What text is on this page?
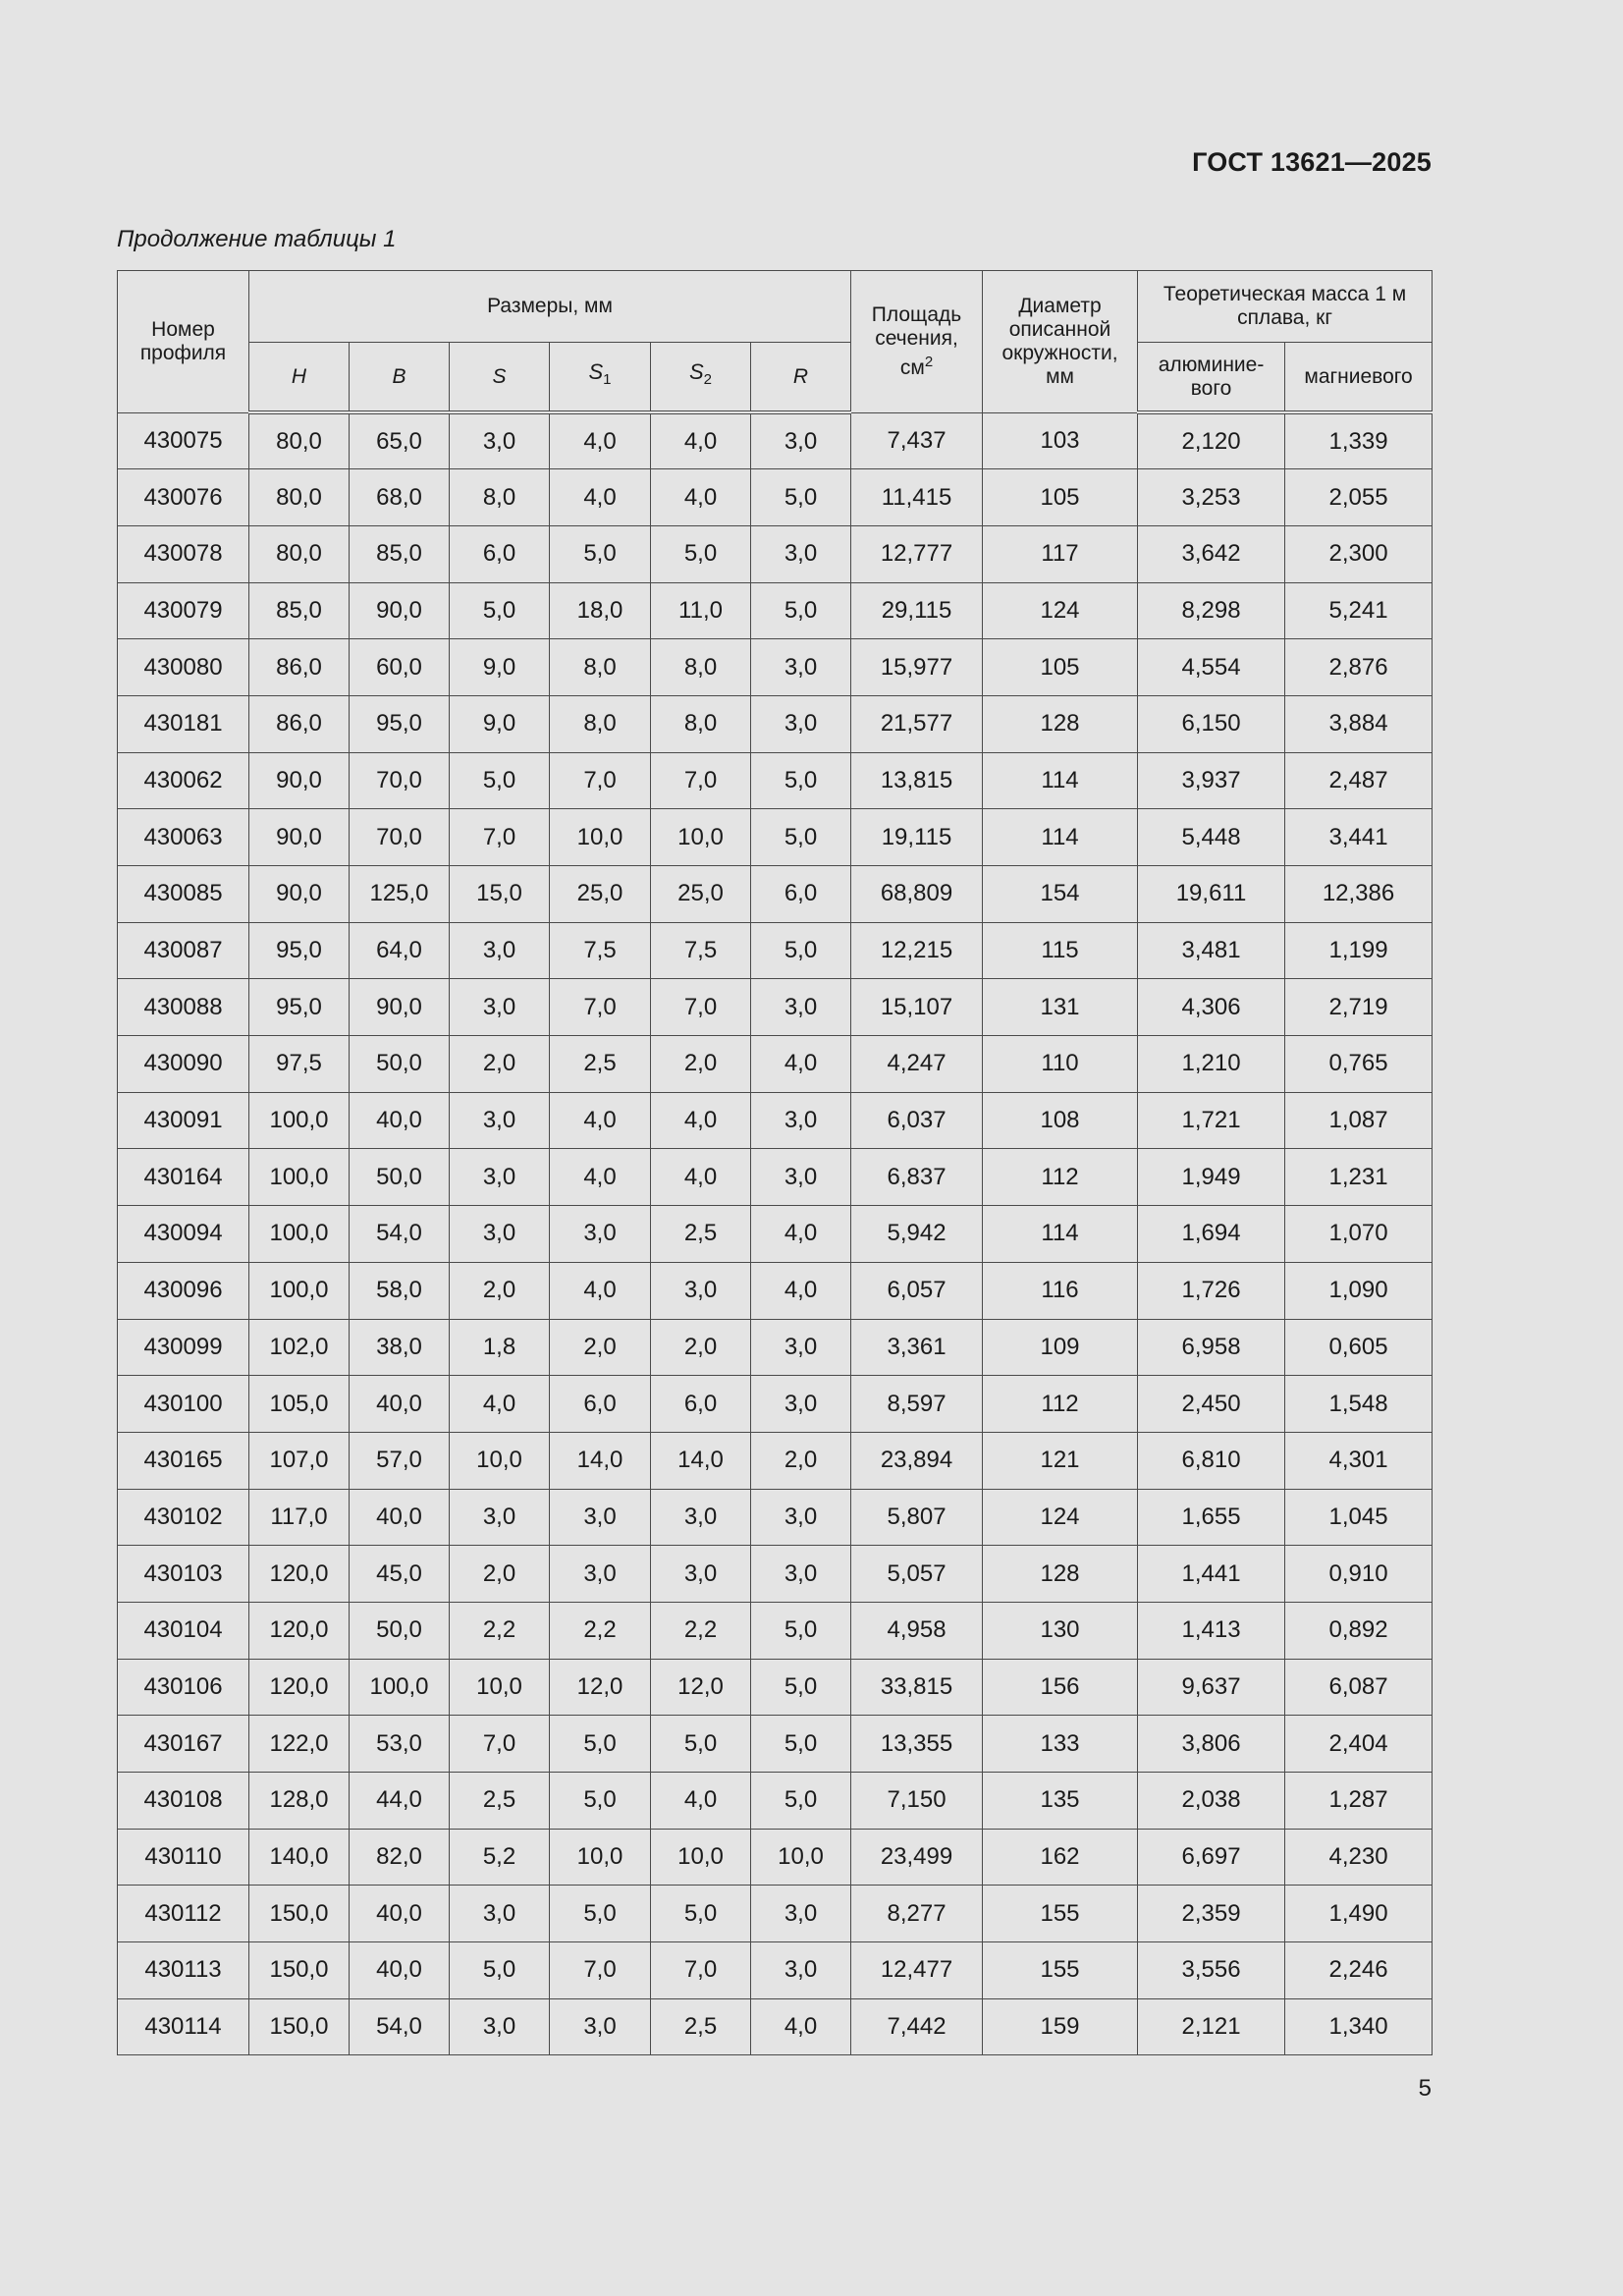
ГОСТ 13621—2025
Продолжение таблицы 1
Номер профиля	Размеры, мм						Площадь сечения, $см^2$	Диаметр описанной окружности, мм	Теоретическая масса 1 м сплава, кг	

	H	B	S	$S_1$	$S_2$	R			алюминие-вого	магниевого
430075	80,0	65,0	3,0	4,0	4,0	3,0	7,437	103	2,120	1,339
430076	80,0	68,0	8,0	4,0	4,0	5,0	11,415	105	3,253	2,055
430078	80,0	85,0	6,0	5,0	5,0	3,0	12,777	117	3,642	2,300
430079	85,0	90,0	5,0	18,0	11,0	5,0	29,115	124	8,298	5,241
430080	86,0	60,0	9,0	8,0	8,0	3,0	15,977	105	4,554	2,876
430181	86,0	95,0	9,0	8,0	8,0	3,0	21,577	128	6,150	3,884
430062	90,0	70,0	5,0	7,0	7,0	5,0	13,815	114	3,937	2,487
430063	90,0	70,0	7,0	10,0	10,0	5,0	19,115	114	5,448	3,441
430085	90,0	125,0	15,0	25,0	25,0	6,0	68,809	154	19,611	12,386
430087	95,0	64,0	3,0	7,5	7,5	5,0	12,215	115	3,481	1,199
430088	95,0	90,0	3,0	7,0	7,0	3,0	15,107	131	4,306	2,719
430090	97,5	50,0	2,0	2,5	2,0	4,0	4,247	110	1,210	0,765
430091	100,0	40,0	3,0	4,0	4,0	3,0	6,037	108	1,721	1,087
430164	100,0	50,0	3,0	4,0	4,0	3,0	6,837	112	1,949	1,231
430094	100,0	54,0	3,0	3,0	2,5	4,0	5,942	114	1,694	1,070
430096	100,0	58,0	2,0	4,0	3,0	4,0	6,057	116	1,726	1,090
430099	102,0	38,0	1,8	2,0	2,0	3,0	3,361	109	6,958	0,605
430100	105,0	40,0	4,0	6,0	6,0	3,0	8,597	112	2,450	1,548
430165	107,0	57,0	10,0	14,0	14,0	2,0	23,894	121	6,810	4,301
430102	117,0	40,0	3,0	3,0	3,0	3,0	5,807	124	1,655	1,045
430103	120,0	45,0	2,0	3,0	3,0	3,0	5,057	128	1,441	0,910
430104	120,0	50,0	2,2	2,2	2,2	5,0	4,958	130	1,413	0,892
430106	120,0	100,0	10,0	12,0	12,0	5,0	33,815	156	9,637	6,087
430167	122,0	53,0	7,0	5,0	5,0	5,0	13,355	133	3,806	2,404
430108	128,0	44,0	2,5	5,0	4,0	5,0	7,150	135	2,038	1,287
430110	140,0	82,0	5,2	10,0	10,0	10,0	23,499	162	6,697	4,230
430112	150,0	40,0	3,0	5,0	5,0	3,0	8,277	155	2,359	1,490
430113	150,0	40,0	5,0	7,0	7,0	3,0	12,477	155	3,556	2,246
430114	150,0	54,0	3,0	3,0	2,5	4,0	7,442	159	2,121	1,340
5
